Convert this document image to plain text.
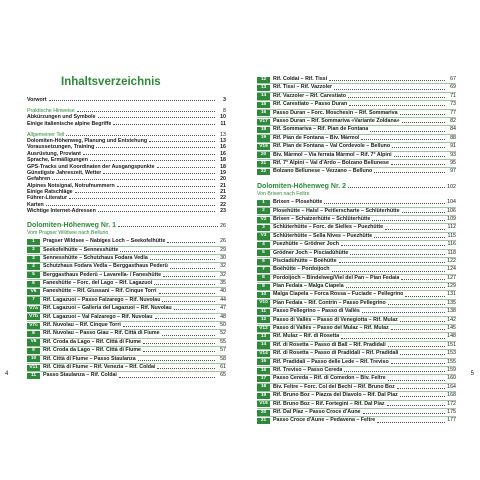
Inhaltsverzeichnis
Vorwort	3
Praktische Hinweise	8
Abkürzungen und Symbole	10
Einige italienische alpine Begriffe	11
Allgemeiner Teil	13
Dolomiten-Höhenweg, Planung und Entstehung	13
Voraussetzungen, Training	16
Ausrüstung, Proviant	16
Sprache, Ermäßigungen	18
GPS-Tracks und Koordinaten der Ausgangspunkte	18
Günstigste Jahreszeit, Wetter	19
Gefahren	20
Alpines Notsignal, Notrufnummern	21
Einige Ratschläge	21
Führer-Literatur	22
Karten	22
Wichtige Internet-Adressen	23
Dolomiten-Höhenweg Nr. 1	26
Vom Pragser Wildsee nach Belluno
1	Pragser Wildsee – Nabiges Loch – Seekofelhütte	26
2	Seekofelhütte – Sennesshütte	29
3	Sennesshütte – Schutzhaus Fodara Vedla	30
4	Schutzhaus Fodara Vedla – Berggasthaus Pederü	32
5	Berggasthaus Pederü – Lavarella- / Faneshütte	32
6	Faneshütte – Forc. del Lago – Rif. Lagazuoi	35
V6	Faneshütte – Rif. Giussani – Rif. Cinque Torri	40
7	Rif. Lagazuoi – Passo Falzarego – Rif. Nuvolau	44
V7a Rif. Lagazuoi – Galleria del Lagazuoi – Rif. Nuvolau	47
V7b Rif. Lagazuoi – Val Falzarego – Rif. Nuvolau	48
V7c Rif. Nuvolau – Rif. Cinque Torri	50
8	Rif. Nuvolau – Passo Giau – Rif. Città di Fiume	52
V8	Rif. Croda da Lago – Rif. Città di Fiume	55
9	Rif. Croda da Lago – Rif. Città di Fiume	57
10	Rif. Città di Fiume – Passo Staulanza	58
V11	Rif. Città di Fiume – Rif. Venezia – Rif. Coldai	61
11	Passo Staulanza – Rif. Coldai	65
4
12	Rif. Coldai – Rif. Tissi	67
13	Rif. Tissi – Rif. Vazzoler	69
14	Rif. Vazzoler – Rif. Carestiato	71
15	Rif. Carestiato – Passo Duran	73
16	Passo Duran – Forc. Moschesin – Rif. Sommariva	77
V17 Passo Duran – Rif. Sommariva «Variante Zoldana»	82
18	Rif. Sommariva – Rif. Pian de Fontana	84
19	Rif. Pian de Fontana – Biv. Màrmol	88
V19 Rif. Pian de Fontana – Val Cordevole – Belluno	91
20	Biv. Màrmol – Via ferrata Màrmol – Rif. 7° Alpini	93
21	Rif. 7° Alpini – Val d'Ardo – Bolzano Bellunese	95
22	Bolzano Bellunese – Vezzano – Belluno	97
Dolomiten-Höhenweg Nr. 2	102
Von Brixen nach Feltre
1	Brixen – Plosehütte	104
2	Plosehütte – Halsl – Peitlerscharte – Schlüterhütte	106
V2	Brixen – Schatzerhütte – Schlüterhütte	109
3	Schlüterhütte – Forc. de Sielles – Puezhütte	112
V3	Schlüterhütte – Sella Nives – Puezhütte	115
4	Puezhütte – Grödner Joch	116
5	Grödner Joch – Pisciadùhütte	118
6	Pisciadùhütte – Boèhütte	122
7	Boèhütte – Pordoijoch	124
8	Pordoijoch – Bindelweg/Viel del Pan – Pian Fedaia	127
9	Pian Fedaia – Malga Ciapela	129
10	Malga Ciapela – Forca Rossa – Fuciade – Pellegrino	131
V10 Pian Fedaia – Rif. Contrin – Passo Pellegrino	135
11	Passo Pellegrino – Passo di Vallès	138
12	Passo di Vallès – Passo di Venegiotta – Rif. Mulaz	142
V12 Passo di Vallès – Passo del Mulaz – Rif. Mulaz	145
13	Rif. Mulaz – Rif. di Rosetta	148
14	Rif. di Rosetta – Passo di Ball – Rif. Pradidali	151
V14 Rif. di Rosetta – Passo di Pradidali – Rif. Pradidali	153
15	Rif. Pradidali – Passo delle Lede – Rif. Treviso	155
16	Rif. Treviso – Passo Cereda	159
17	Passo Cereda – Rif. di Comedon – Biv. Feltre	160
18	Biv. Feltre – Forc. Col del Bechi – Rif. Bruno Boz	164
19	Rif. Bruno Boz – Piazza del Diavolo – Rif. Dal Piaz	168
V19 Rif. Bruno Boz – Rif. Fortegini – Rif. Dal Piaz	172
20	Rif. Dal Piaz – Passo Croce d'Aune	175
21	Passo Croce d'Aune – Pedavena – Feltre	177
5
